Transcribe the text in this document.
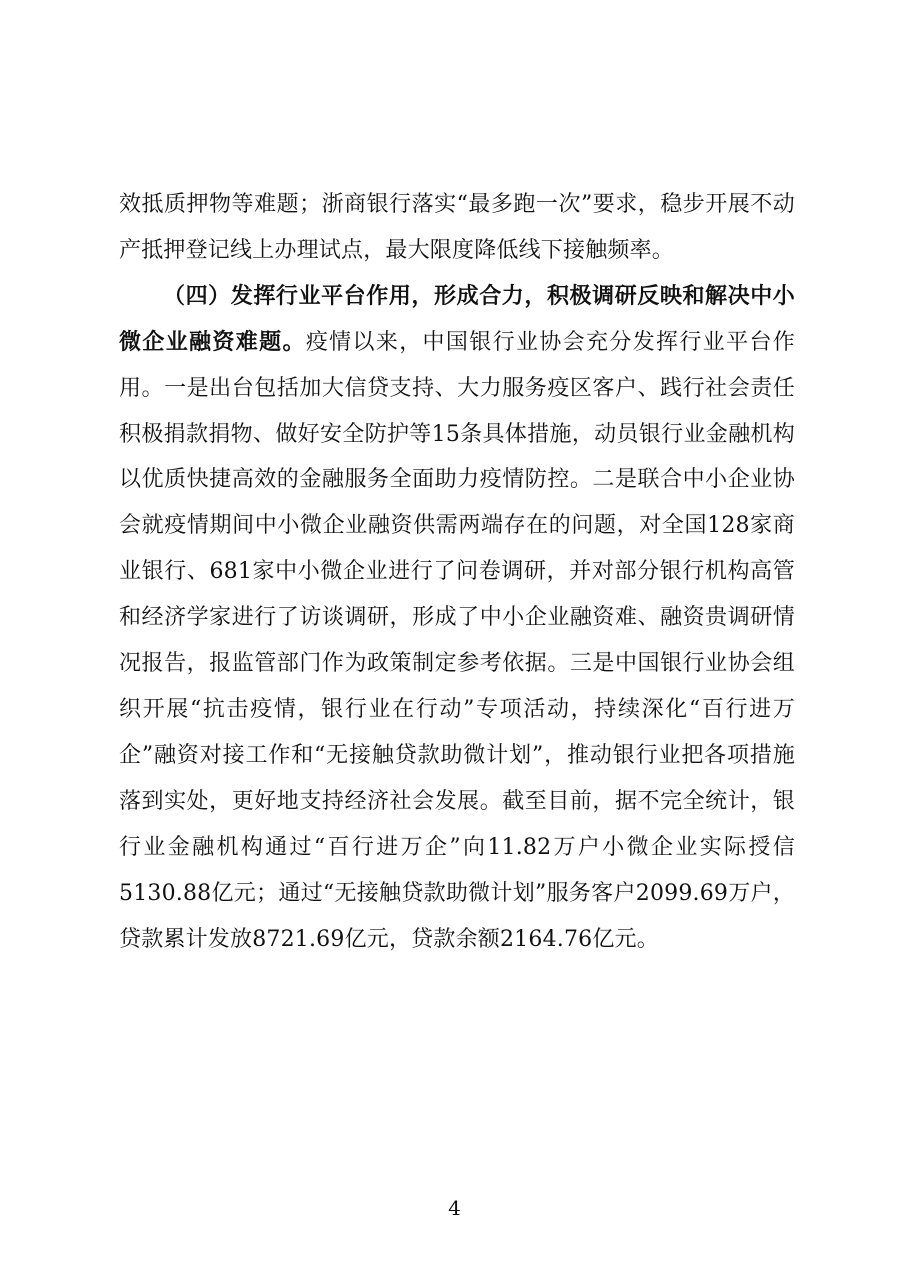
效抵质押物等难题；浙商银行落实“最多跑一次”要求，稳步开展不动产抵押登记线上办理试点，最大限度降低线下接触频率。

（四）发挥行业平台作用，形成合力，积极调研反映和解决中小微企业融资难题。疫情以来，中国银行业协会充分发挥行业平台作用。一是出台包括加大信贷支持、大力服务疫区客户、践行社会责任积极捐款捐物、做好安全防护等15条具体措施，动员银行业金融机构以优质快捷高效的金融服务全面助力疫情防控。二是联合中小企业协会就疫情期间中小微企业融资供需两端存在的问题，对全国128家商业银行、681家中小微企业进行了问卷调研，并对部分银行机构高管和经济学家进行了访谈调研，形成了中小企业融资难、融资贵调研情况报告，报监管部门作为政策制定参考依据。三是中国银行业协会组织开展“抗击疫情，银行业在行动”专项活动，持续深化“百行进万企”融资对接工作和“无接触贷款助微计划”，推动银行业把各项措施落到实处，更好地支持经济社会发展。截至目前，据不完全统计，银行业金融机构通过“百行进万企”向11.82万户小微企业实际授信5130.88亿元；通过“无接触贷款助微计划”服务客户2099.69万户，贷款累计发放8721.69亿元，贷款余额2164.76亿元。

4
